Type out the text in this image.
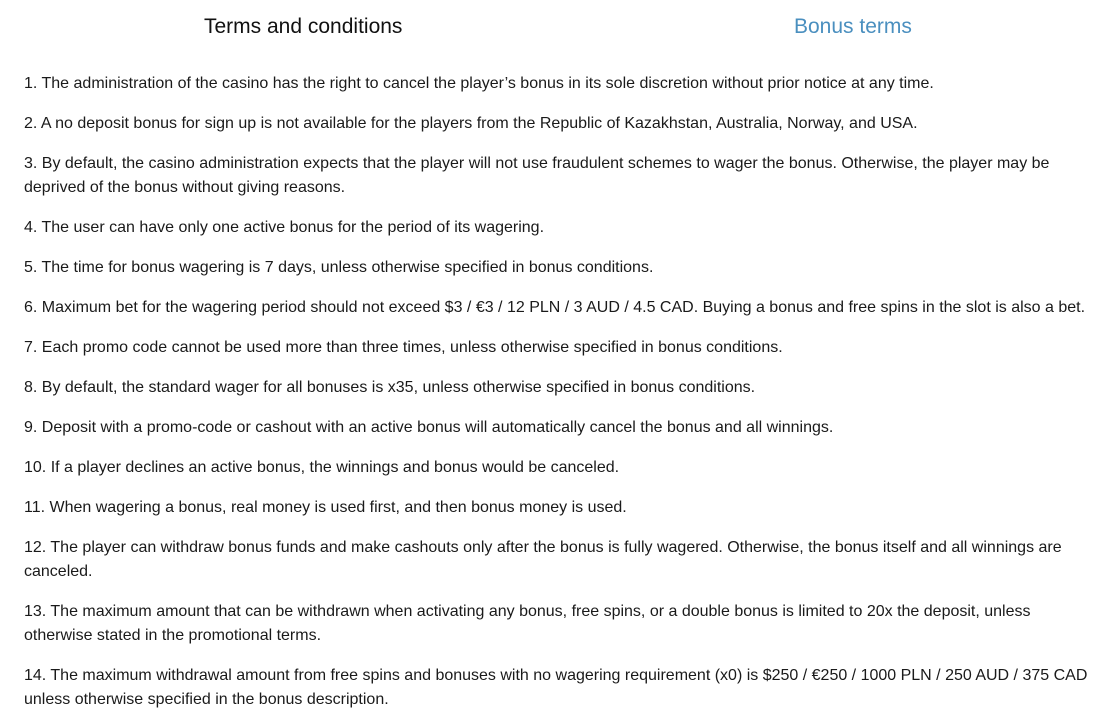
Terms and conditions	Bonus terms
1. The administration of the casino has the right to cancel the player’s bonus in its sole discretion without prior notice at any time.
2. A no deposit bonus for sign up is not available for the players from the Republic of Kazakhstan, Australia, Norway, and USA.
3. By default, the casino administration expects that the player will not use fraudulent schemes to wager the bonus. Otherwise, the player may be deprived of the bonus without giving reasons.
4. The user can have only one active bonus for the period of its wagering.
5. The time for bonus wagering is 7 days, unless otherwise specified in bonus conditions.
6. Maximum bet for the wagering period should not exceed $3 / €3 / 12 PLN / 3 AUD / 4.5 CAD. Buying a bonus and free spins in the slot is also a bet.
7. Each promo code cannot be used more than three times, unless otherwise specified in bonus conditions.
8. By default, the standard wager for all bonuses is x35, unless otherwise specified in bonus conditions.
9. Deposit with a promo-code or cashout with an active bonus will automatically cancel the bonus and all winnings.
10. If a player declines an active bonus, the winnings and bonus would be canceled.
11. When wagering a bonus, real money is used first, and then bonus money is used.
12. The player can withdraw bonus funds and make cashouts only after the bonus is fully wagered. Otherwise, the bonus itself and all winnings are canceled.
13. The maximum amount that can be withdrawn when activating any bonus, free spins, or a double bonus is limited to 20x the deposit, unless otherwise stated in the promotional terms.
14. The maximum withdrawal amount from free spins and bonuses with no wagering requirement (x0) is $250 / €250 / 1000 PLN / 250 AUD / 375 CAD unless otherwise specified in the bonus description.
